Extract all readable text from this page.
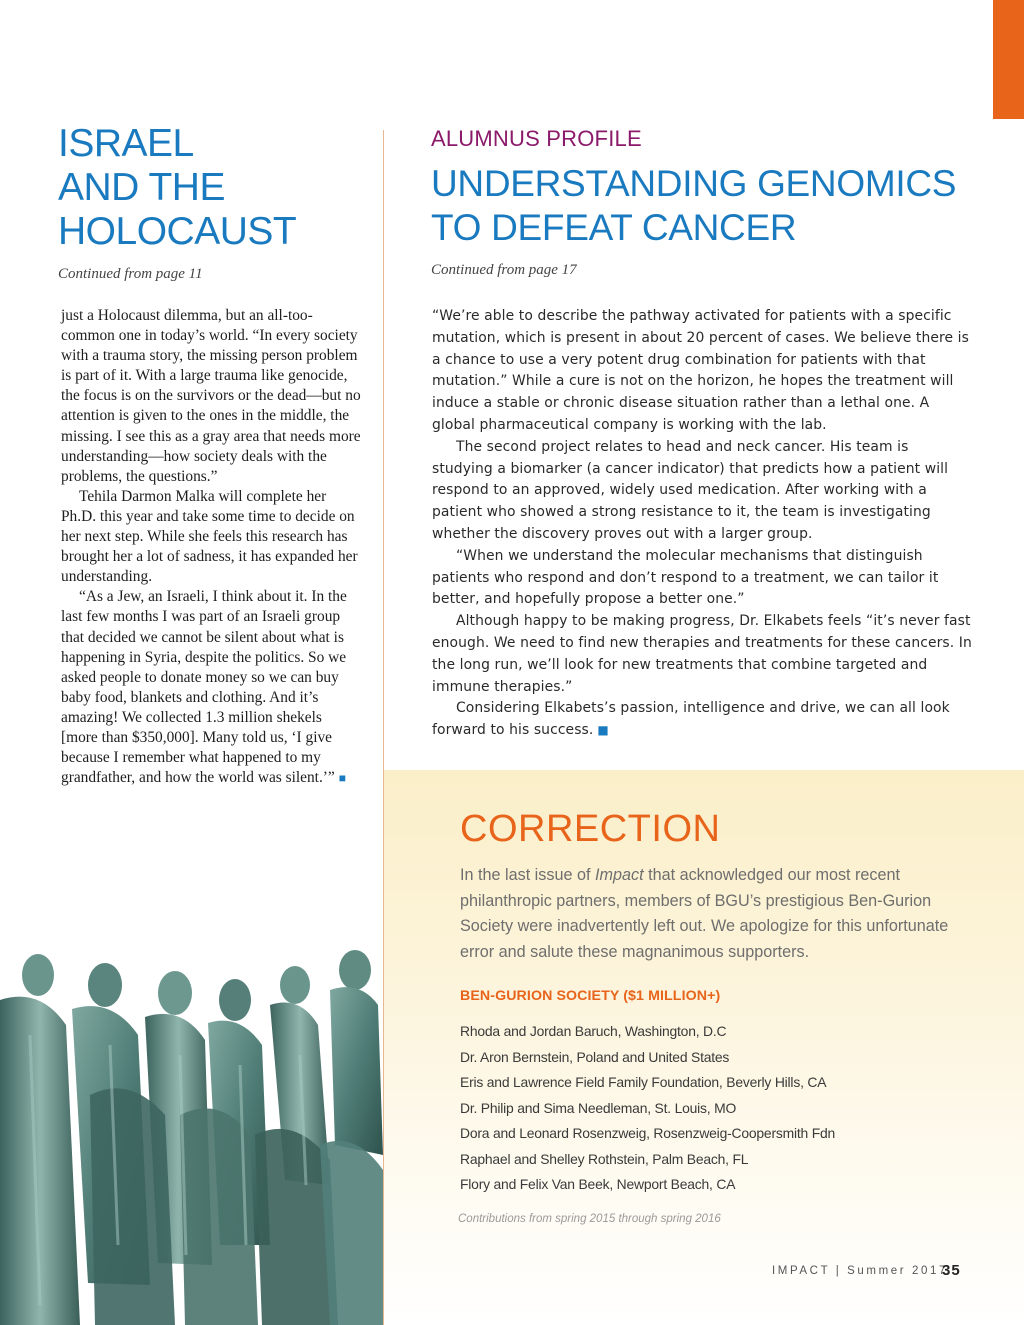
ISRAEL
AND THE
HOLOCAUST
Continued from page 11

just a Holocaust dilemma, but an all-too-common one in today’s world. “In every society with a trauma story, the missing person problem is part of it. With a large trauma like genocide, the focus is on the survivors or the dead—but no attention is given to the ones in the middle, the missing. I see this as a gray area that needs more understanding—how society deals with the problems, the questions.”

Tehila Darmon Malka will complete her Ph.D. this year and take some time to decide on her next step. While she feels this research has brought her a lot of sadness, it has expanded her understanding.

“As a Jew, an Israeli, I think about it. In the last few months I was part of an Israeli group that decided we cannot be silent about what is happening in Syria, despite the politics. So we asked people to donate money so we can buy baby food, blankets and clothing. And it’s amazing! We collected 1.3 million shekels [more than $350,000]. Many told us, ‘I give because I remember what happened to my grandfather, and how the world was silent.’” ■

ALUMNUS PROFILE
UNDERSTANDING GENOMICS
TO DEFEAT CANCER
Continued from page 17

“We’re able to describe the pathway activated for patients with a specific mutation, which is present in about 20 percent of cases. We believe there is a chance to use a very potent drug combination for patients with that mutation.” While a cure is not on the horizon, he hopes the treatment will induce a stable or chronic disease situation rather than a lethal one. A global pharmaceutical company is working with the lab.

The second project relates to head and neck cancer. His team is studying a biomarker (a cancer indicator) that predicts how a patient will respond to an approved, widely used medication. After working with a patient who showed a strong resistance to it, the team is investigating whether the discovery proves out with a larger group.

“When we understand the molecular mechanisms that distinguish patients who respond and don’t respond to a treatment, we can tailor it better, and hopefully propose a better one.”

Although happy to be making progress, Dr. Elkabets feels “it’s never fast enough. We need to find new therapies and treatments for these cancers. In the long run, we’ll look for new treatments that combine targeted and immune therapies.”

Considering Elkabets’s passion, intelligence and drive, we can all look forward to his success. ■

CORRECTION
In the last issue of Impact that acknowledged our most recent philanthropic partners, members of BGU’s prestigious Ben-Gurion Society were inadvertently left out. We apologize for this unfortunate error and salute these magnanimous supporters.
BEN-GURION SOCIETY ($1 MILLION+)
Rhoda and Jordan Baruch, Washington, D.C
Dr. Aron Bernstein, Poland and United States
Eris and Lawrence Field Family Foundation, Beverly Hills, CA
Dr. Philip and Sima Needleman, St. Louis, MO
Dora and Leonard Rosenzweig, Rosenzweig-Coopersmith Fdn
Raphael and Shelley Rothstein, Palm Beach, FL
Flory and Felix Van Beek, Newport Beach, CA
Contributions from spring 2015 through spring 2016
IMPACT | Summer 2017
35
